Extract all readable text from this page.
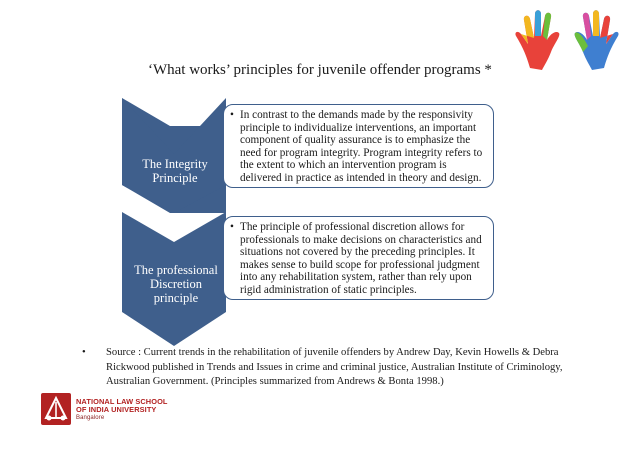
‘What works’ principles for juvenile offender programs *
The Integrity
Principle
The professional
Discretion
principle
• In contrast to the demands made by the responsivity
principle to individualize interventions, an important
component of quality assurance is to emphasize the
need for program integrity. Program integrity refers to
the extent to which an intervention program is
delivered in practice as intended in theory and design.
• The principle of professional discretion allows for
professionals to make decisions on characteristics and
situations not covered by the preceding principles. It
makes sense to build scope for professional judgment
into any rehabilitation system, rather than rely upon
rigid administration of static principles.
• Source : Current trends in the rehabilitation of juvenile offenders by Andrew Day, Kevin Howells & Debra
Rickwood published in Trends and Issues in crime and criminal justice, Australian Institute of Criminology,
Australian Government. (Principles summarized from Andrews & Bonta 1998.)
NATIONAL LAW SCHOOL
OF INDIA UNIVERSITY
Bangalore
